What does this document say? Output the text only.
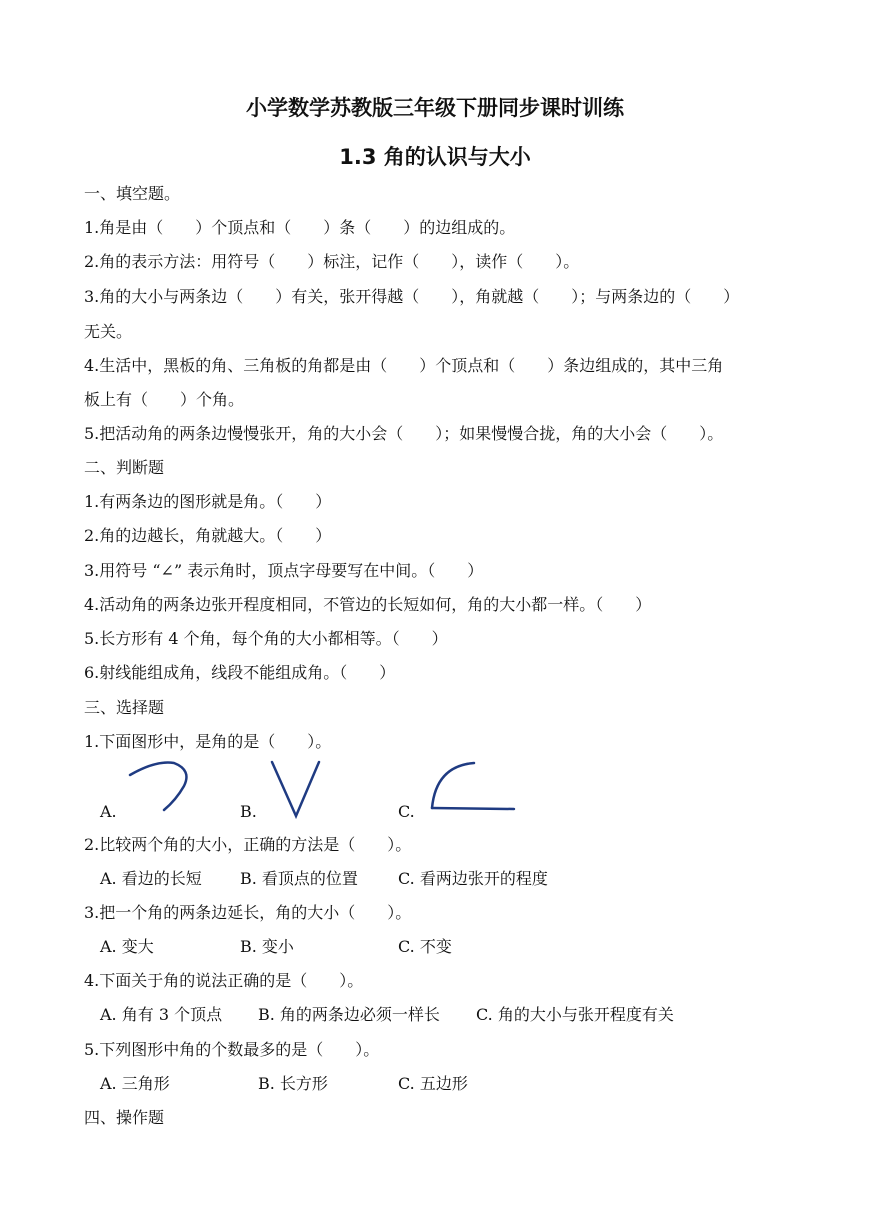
小学数学苏教版三年级下册同步课时训练
1.3 角的认识与大小
一、填空题。
1.角是由（　　）个顶点和（　　）条（　　）的边组成的。
2.角的表示方法：用符号（　　）标注，记作（　　），读作（　　）。
3.角的大小与两条边（　　）有关，张开得越（　　），角就越（　　）；与两条边的（　　）
无关。
4.生活中，黑板的角、三角板的角都是由（　　）个顶点和（　　）条边组成的，其中三角
板上有（　　）个角。
5.把活动角的两条边慢慢张开，角的大小会（　　）；如果慢慢合拢，角的大小会（　　）。
二、判断题
1.有两条边的图形就是角。（　　）
2.角的边越长，角就越大。（　　）
3.用符号 “∠” 表示角时，顶点字母要写在中间。（　　）
4.活动角的两条边张开程度相同，不管边的长短如何，角的大小都一样。（　　）
5.长方形有 4 个角，每个角的大小都相等。（　　）
6.射线能组成角，线段不能组成角。（　　）
三、选择题
1.下面图形中，是角的是（　　）。
A.	B.	C.
2.比较两个角的大小，正确的方法是（　　）。
A. 看边的长短 B. 看顶点的位置	C. 看两边张开的程度
3.把一个角的两条边延长，角的大小（　　）。
A. 变大	B. 变小	C. 不变
4.下面关于角的说法正确的是（　　）。
A. 角有 3 个顶点 B. 角的两条边必须一样长 C. 角的大小与张开程度有关
5.下列图形中角的个数最多的是（　　）。
A. 三角形	B. 长方形	C. 五边形
四、操作题
